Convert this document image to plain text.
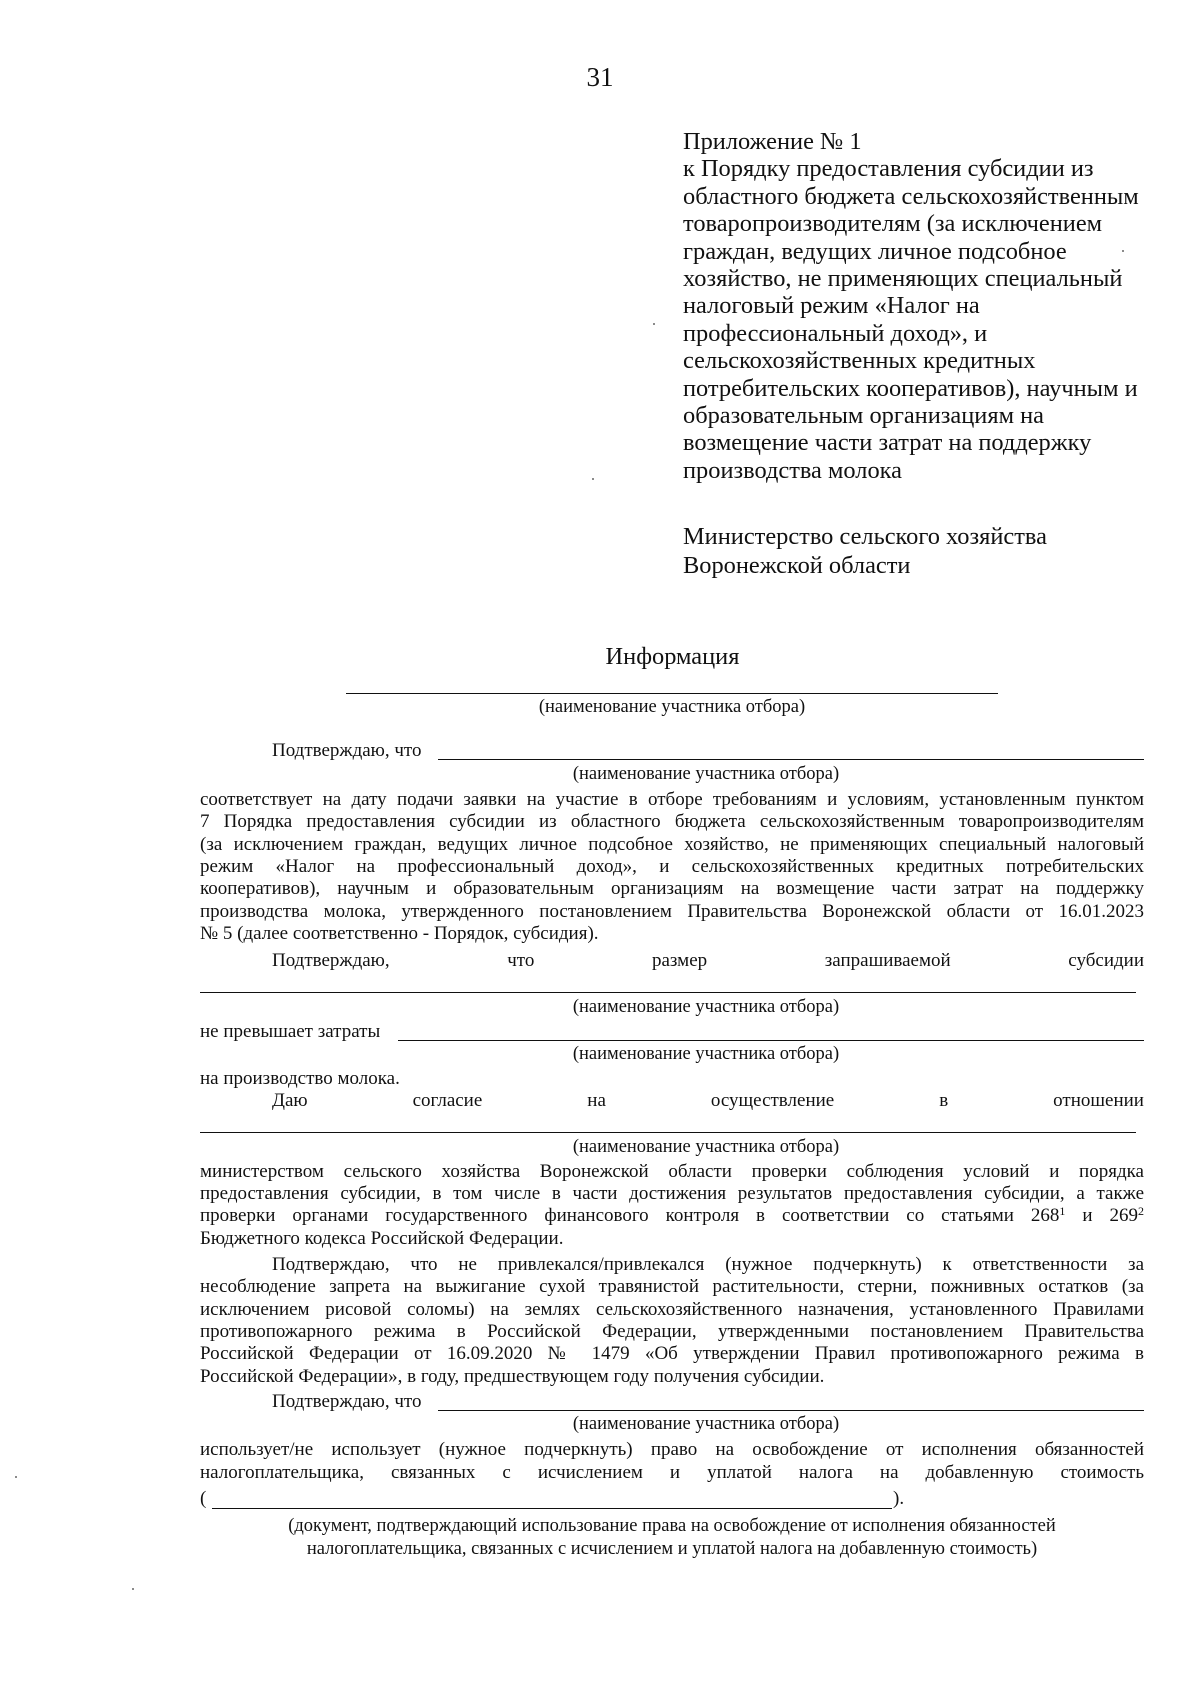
31

Приложение № 1

к Порядку предоставления субсидии из

областного бюджета сельскохозяйственным

товаропроизводителям (за исключением

граждан, ведущих личное подсобное

хозяйство, не применяющих специальный

налоговый режим «Налог на

профессиональный доход», и

сельскохозяйственных кредитных

потребительских кооперативов), научным и

образовательным организациям на

возмещение части затрат на поддержку

производства молока

Министерство сельского хозяйства

Воронежской области

Информация
(наименование участника отбора)
Подтверждаю, что
(наименование участника отбора)
соответствует на дату подачи заявки на участие в отборе требованиям и условиям, установленным пунктом
7 Порядка предоставления субсидии из областного бюджета сельскохозяйственным товаропроизводителям
(за исключением граждан, ведущих личное подсобное хозяйство, не применяющих специальный налоговый
режим «Налог на профессиональный доход», и сельскохозяйственных кредитных потребительских
кооперативов), научным и образовательным организациям на возмещение части затрат на поддержку
производства молока, утвержденного постановлением Правительства Воронежской области от 16.01.2023
№ 5 (далее соответственно - Порядок, субсидия).
Подтверждаю,	что	размер	запрашиваемой	субсидии
(наименование участника отбора)
не превышает затраты
(наименование участника отбора)
на производство молока.
Даю	согласие	на	осуществление	в	отношении
(наименование участника отбора)
министерством сельского хозяйства Воронежской области проверки соблюдения условий и порядка
предоставления субсидии, в том числе в части достижения результатов предоставления субсидии, а также
проверки органами государственного финансового контроля в соответствии со статьями $268^1$ и $269^2$
Бюджетного кодекса Российской Федерации.
Подтверждаю, что не привлекался/привлекался (нужное подчеркнуть) к ответственности за
несоблюдение запрета на выжигание сухой травянистой растительности, стерни, пожнивных остатков (за
исключением рисовой соломы) на землях сельскохозяйственного назначения, установленного Правилами
противопожарного режима в Российской Федерации, утвержденными постановлением Правительства
Российской Федерации от 16.09.2020 № 1479 «Об утверждении Правил противопожарного режима в
Российской Федерации», в году, предшествующем году получения субсидии.
Подтверждаю, что
(наименование участника отбора)
использует/не использует (нужное подчеркнуть) право на освобождение от исполнения обязанностей
налогоплательщика, связанных с исчислением и уплатой налога на добавленную стоимость
(	).
(документ, подтверждающий использование права на освобождение от исполнения обязанностей
налогоплательщика, связанных с исчислением и уплатой налога на добавленную стоимость)
